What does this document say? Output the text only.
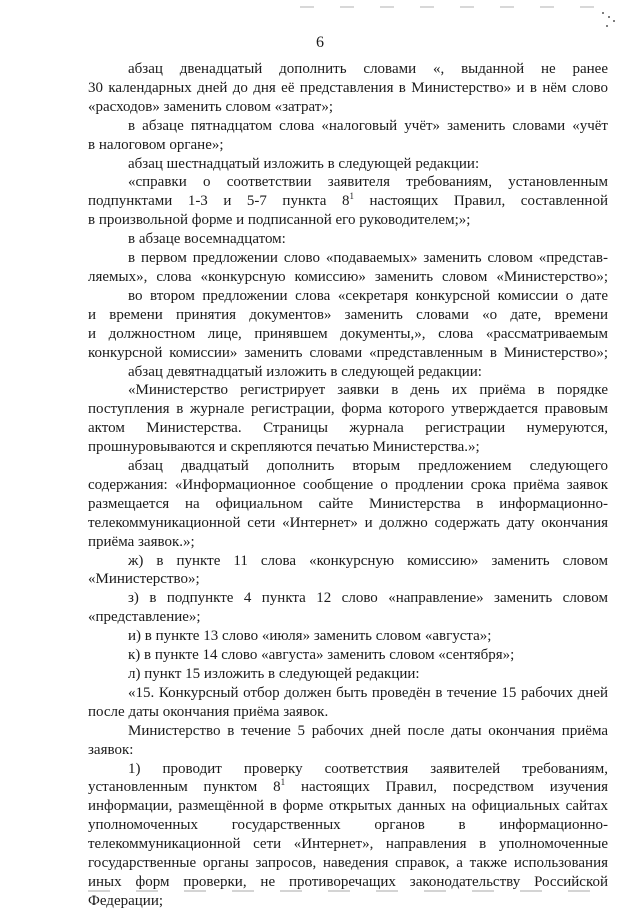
6

абзац двенадцатый дополнить словами «, выданной не ранее

30 календарных дней до дня её представления в Министерство» и в нём слово

«расходов» заменить словом «затрат»;

в абзаце пятнадцатом слова «налоговый учёт» заменить словами «учёт

в налоговом органе»;

абзац шестнадцатый изложить в следующей редакции:

«справки о соответствии заявителя требованиям, установленным

подпунктами 1-3 и 5-7 пункта $8^1$ настоящих Правил, составленной

в произвольной форме и подписанной его руководителем;»;

в абзаце восемнадцатом:

в первом предложении слово «подаваемых» заменить словом «представ-

ляемых», слова «конкурсную комиссию» заменить словом «Министерство»;

во втором предложении слова «секретаря конкурсной комиссии о дате

и времени принятия документов» заменить словами «о дате, времени

и должностном лице, принявшем документы,», слова «рассматриваемым

конкурсной комиссии» заменить словами «представленным в Министерство»;

абзац девятнадцатый изложить в следующей редакции:

«Министерство регистрирует заявки в день их приёма в порядке

поступления в журнале регистрации, форма которого утверждается правовым

актом Министерства. Страницы журнала регистрации нумеруются,

прошнуровываются и скрепляются печатью Министерства.»;

абзац двадцатый дополнить вторым предложением следующего

содержания: «Информационное сообщение о продлении срока приёма заявок

размещается на официальном сайте Министерства в информационно-

телекоммуникационной сети «Интернет» и должно содержать дату окончания

приёма заявок.»;

ж) в пункте 11 слова «конкурсную комиссию» заменить словом

«Министерство»;

з) в подпункте 4 пункта 12 слово «направление» заменить словом

«представление»;

и) в пункте 13 слово «июля» заменить словом «августа»;

к) в пункте 14 слово «августа» заменить словом «сентября»;

л) пункт 15 изложить в следующей редакции:

«15. Конкурсный отбор должен быть проведён в течение 15 рабочих дней

после даты окончания приёма заявок.

Министерство в течение 5 рабочих дней после даты окончания приёма

заявок:

1) проводит проверку соответствия заявителей требованиям,

установленным пунктом $8^1$ настоящих Правил, посредством изучения

информации, размещённой в форме открытых данных на официальных сайтах

уполномоченных государственных органов в информационно-

телекоммуникационной сети «Интернет», направления в уполномоченные

государственные органы запросов, наведения справок, а также использования

иных форм проверки, не противоречащих законодательству Российской

Федерации;
